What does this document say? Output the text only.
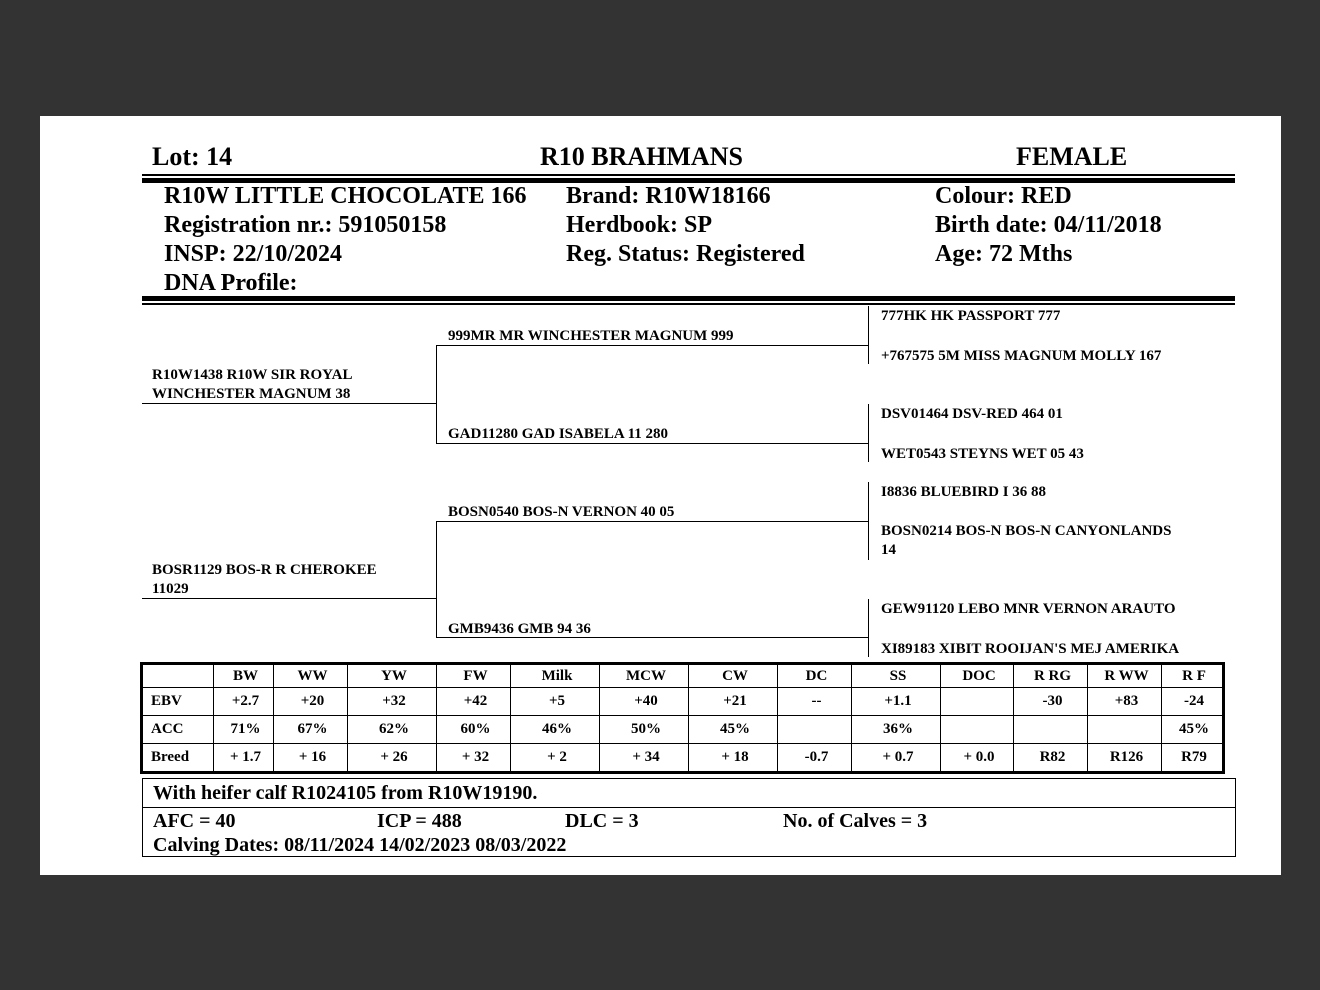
Lot: 14	R10 BRAHMANS	FEMALE
R10W LITTLE CHOCOLATE 166
Registration nr.: 591050158
INSP: 22/10/2024
DNA Profile:
Brand: R10W18166
Herdbook: SP
Reg. Status: Registered
Colour: RED
Birth date: 04/11/2018
Age: 72 Mths
R10W1438 R10W SIR ROYAL
WINCHESTER MAGNUM 38
BOSR1129 BOS-R R CHEROKEE
11029
999MR MR WINCHESTER MAGNUM 999
GAD11280 GAD ISABELA 11 280
BOSN0540 BOS-N VERNON 40 05
GMB9436 GMB 94 36
777HK HK PASSPORT 777
+767575 5M MISS MAGNUM MOLLY 167
DSV01464 DSV-RED 464 01
WET0543 STEYNS WET 05 43
I8836 BLUEBIRD I 36 88
BOSN0214 BOS-N BOS-N CANYONLANDS
14
GEW91120 LEBO MNR VERNON ARAUTO
XI89183 XIBIT ROOIJAN'S MEJ AMERIKA
	BW	WW	YW	FW	Milk	MCW	CW	DC	SS	DOC	R RG	R WW	R F
EBV	+2.7	+20	+32	+42	+5	+40	+21	--	+1.1		-30	+83	-24
ACC	71%	67%	62%	60%	46%	50%	45%		36%				45%
Breed	+ 1.7	+ 16	+ 26	+ 32	+ 2	+ 34	+ 18	-0.7	+ 0.7	+ 0.0	R82	R126	R79
With heifer calf R1024105 from R10W19190.
AFC = 40	ICP = 488	DLC = 3	No. of Calves = 3
Calving Dates: 08/11/2024 14/02/2023 08/03/2022
